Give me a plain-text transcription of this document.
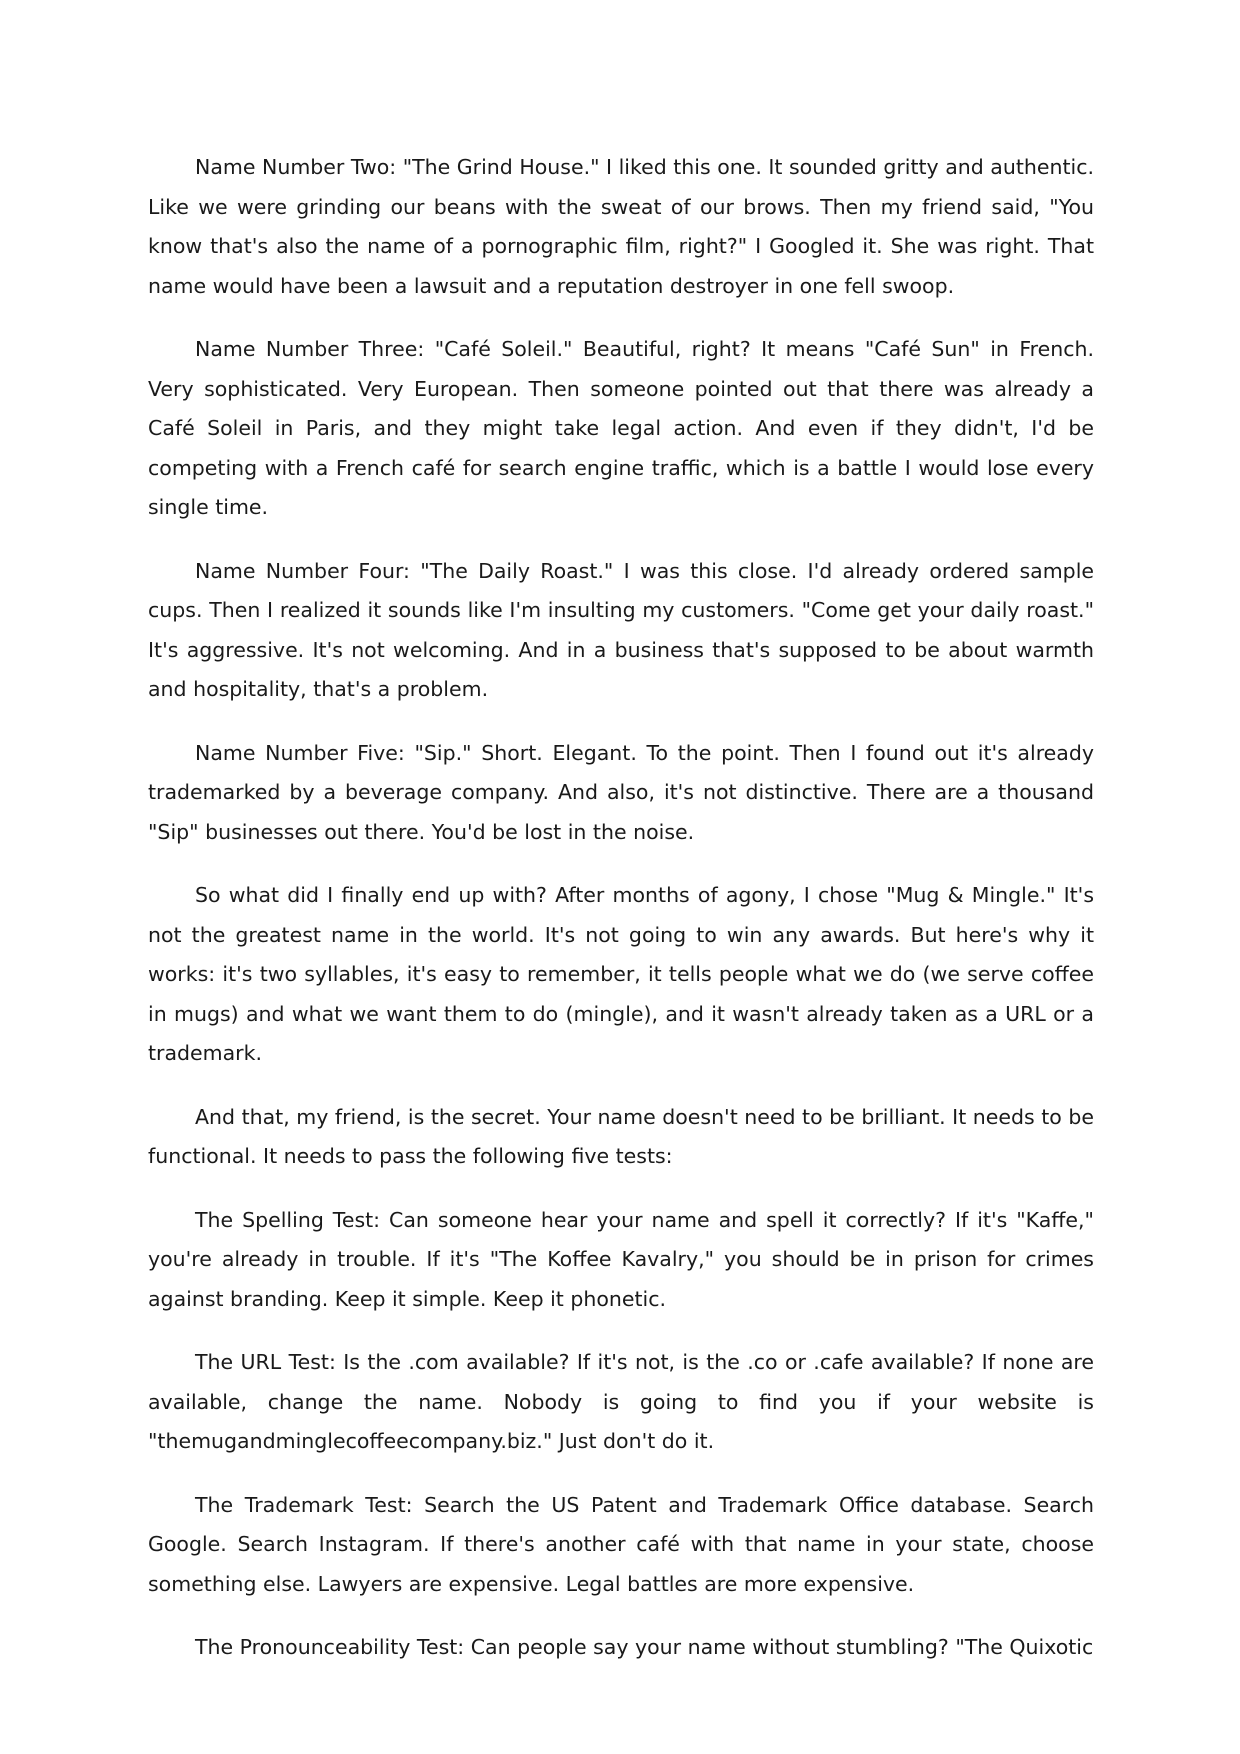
Name Number Two: "The Grind House." I liked this one. It sounded gritty and authentic. Like we were grinding our beans with the sweat of our brows. Then my friend said, "You know that's also the name of a pornographic film, right?" I Googled it. She was right. That name would have been a lawsuit and a reputation destroyer in one fell swoop.

Name Number Three: "Café Soleil." Beautiful, right? It means "Café Sun" in French. Very sophisticated. Very European. Then someone pointed out that there was already a Café Soleil in Paris, and they might take legal action. And even if they didn't, I'd be competing with a French café for search engine traffic, which is a battle I would lose every single time.

Name Number Four: "The Daily Roast." I was this close. I'd already ordered sample cups. Then I realized it sounds like I'm insulting my customers. "Come get your daily roast." It's aggressive. It's not welcoming. And in a business that's supposed to be about warmth and hospitality, that's a problem.

Name Number Five: "Sip." Short. Elegant. To the point. Then I found out it's already trademarked by a beverage company. And also, it's not distinctive. There are a thousand "Sip" businesses out there. You'd be lost in the noise.

So what did I finally end up with? After months of agony, I chose "Mug & Mingle." It's not the greatest name in the world. It's not going to win any awards. But here's why it works: it's two syllables, it's easy to remember, it tells people what we do (we serve coffee in mugs) and what we want them to do (mingle), and it wasn't already taken as a URL or a trademark.

And that, my friend, is the secret. Your name doesn't need to be brilliant. It needs to be functional. It needs to pass the following five tests:

The Spelling Test: Can someone hear your name and spell it correctly? If it's "Kaffe," you're already in trouble. If it's "The Koffee Kavalry," you should be in prison for crimes against branding. Keep it simple. Keep it phonetic.

The URL Test: Is the .com available? If it's not, is the .co or .cafe available? If none are available, change the name. Nobody is going to find you if your website is "themugandminglecoffeecompany.biz." Just don't do it.

The Trademark Test: Search the US Patent and Trademark Office database. Search Google. Search Instagram. If there's another café with that name in your state, choose something else. Lawyers are expensive. Legal battles are more expensive.

The Pronounceability Test: Can people say your name without stumbling? "The Quixotic
